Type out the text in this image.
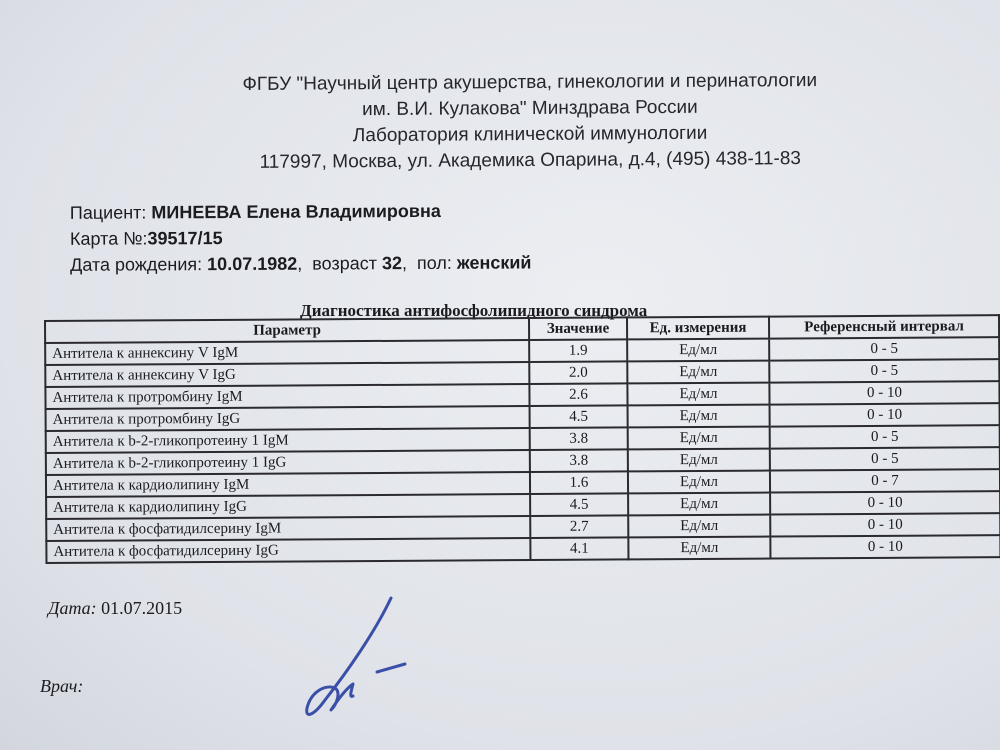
ФГБУ "Научный центр акушерства, гинекологии и перинатологии
им. В.И. Кулакова" Минздрава России
Лаборатория клинической иммунологии
117997, Москва, ул. Академика Опарина, д.4, (495) 438-11-83
Пациент: МИНЕЕВА Елена Владимировна
Карта №:39517/15
Дата рождения: 10.07.1982,  возраст 32,  пол: женский
Диагностика антифосфолипидного синдрома
Параметр	Значение	Ед. измерения	Референсный интервал
Антитела к аннексину V IgM	1.9	Ед/мл	0 - 5
Антитела к аннексину V IgG	2.0	Ед/мл	0 - 5
Антитела к протромбину IgM	2.6	Ед/мл	0 - 10
Антитела к протромбину IgG	4.5	Ед/мл	0 - 10
Антитела к b-2-гликопротеину 1 IgM	3.8	Ед/мл	0 - 5
Антитела к b-2-гликопротеину 1 IgG	3.8	Ед/мл	0 - 5
Антитела к кардиолипину IgM	1.6	Ед/мл	0 - 7
Антитела к кардиолипину IgG	4.5	Ед/мл	0 - 10
Антитела к фосфатидилсерину IgM	2.7	Ед/мл	0 - 10
Антитела к фосфатидилсерину IgG	4.1	Ед/мл	0 - 10
Дата: 01.07.2015
Врач:
